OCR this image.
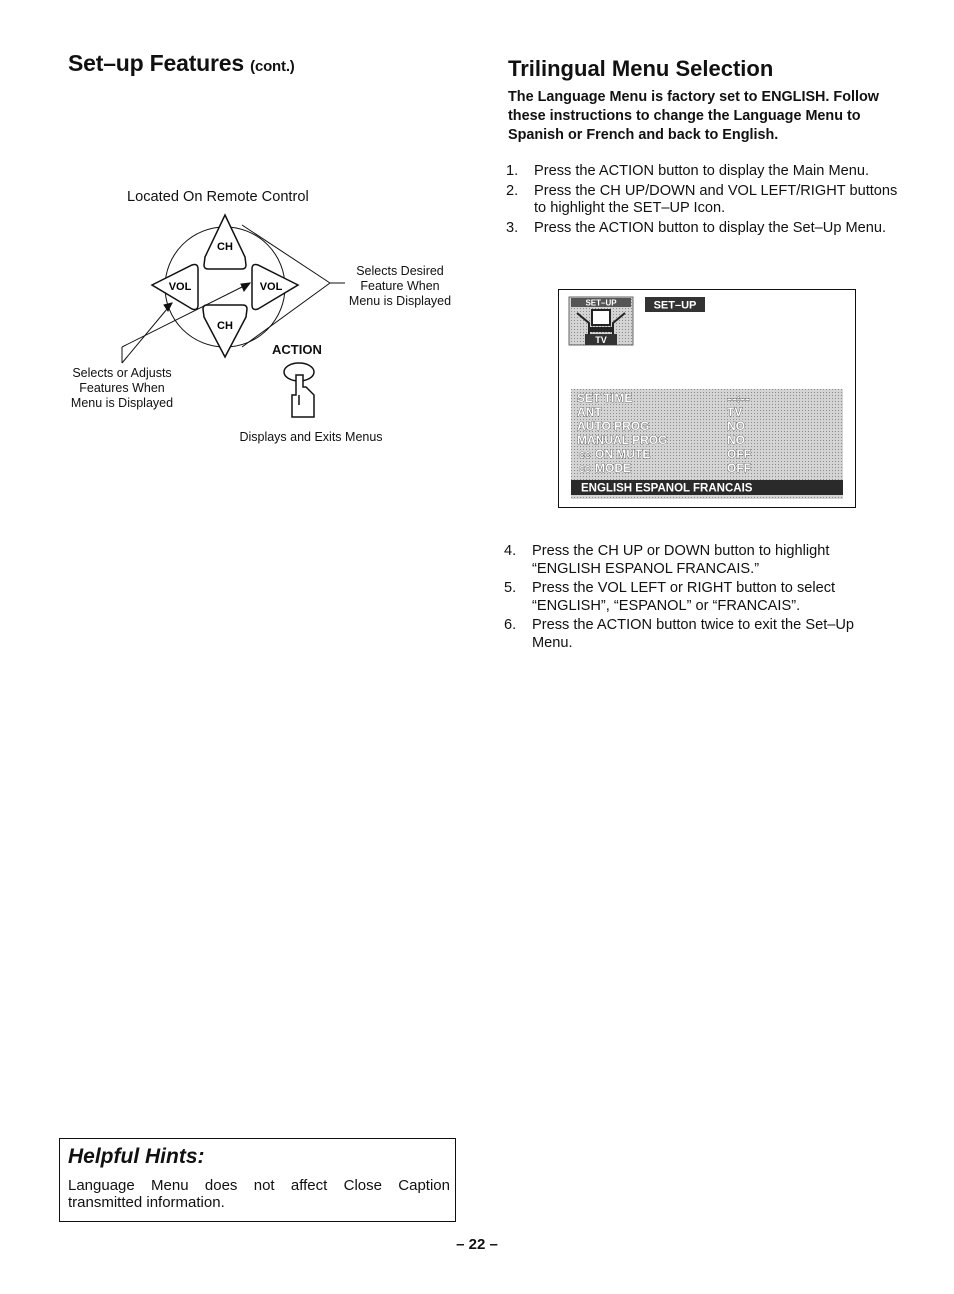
Set–up Features (cont.)
Located On Remote Control
CH
CH
VOL	VOL
Selects Desired
Feature When
Menu is Displayed
Selects or Adjusts
Features When
Menu is Displayed
ACTION
Displays and Exits Menus
Trilingual Menu Selection
The Language Menu is factory set to ENGLISH. Follow these instructions to change the Language Menu to Spanish or French and back to English.
1.	Press the ACTION button to display the Main Menu.
2.	Press the CH UP/DOWN and VOL LEFT/RIGHT buttons to highlight the SET–UP Icon.
3.	Press the ACTION button to display the Set–Up Menu.
SET–UP
TV
SET–UP
SET TIME	––:––
ANT	TV
AUTO PROG	NO
MANUAL PROG	NO
CC ON MUTE	OFF
CC MODE	OFF
ENGLISH ESPANOL FRANCAIS
4.	Press the CH UP or DOWN button to highlight “ENGLISH ESPANOL FRANCAIS.”
5.	Press the VOL LEFT or RIGHT button to select “ENGLISH”, “ESPANOL” or “FRANCAIS”.
6.	Press the ACTION button twice to exit the Set–Up Menu.
Helpful Hints:
Language Menu does not affect Close Caption transmitted information.
– 22 –
